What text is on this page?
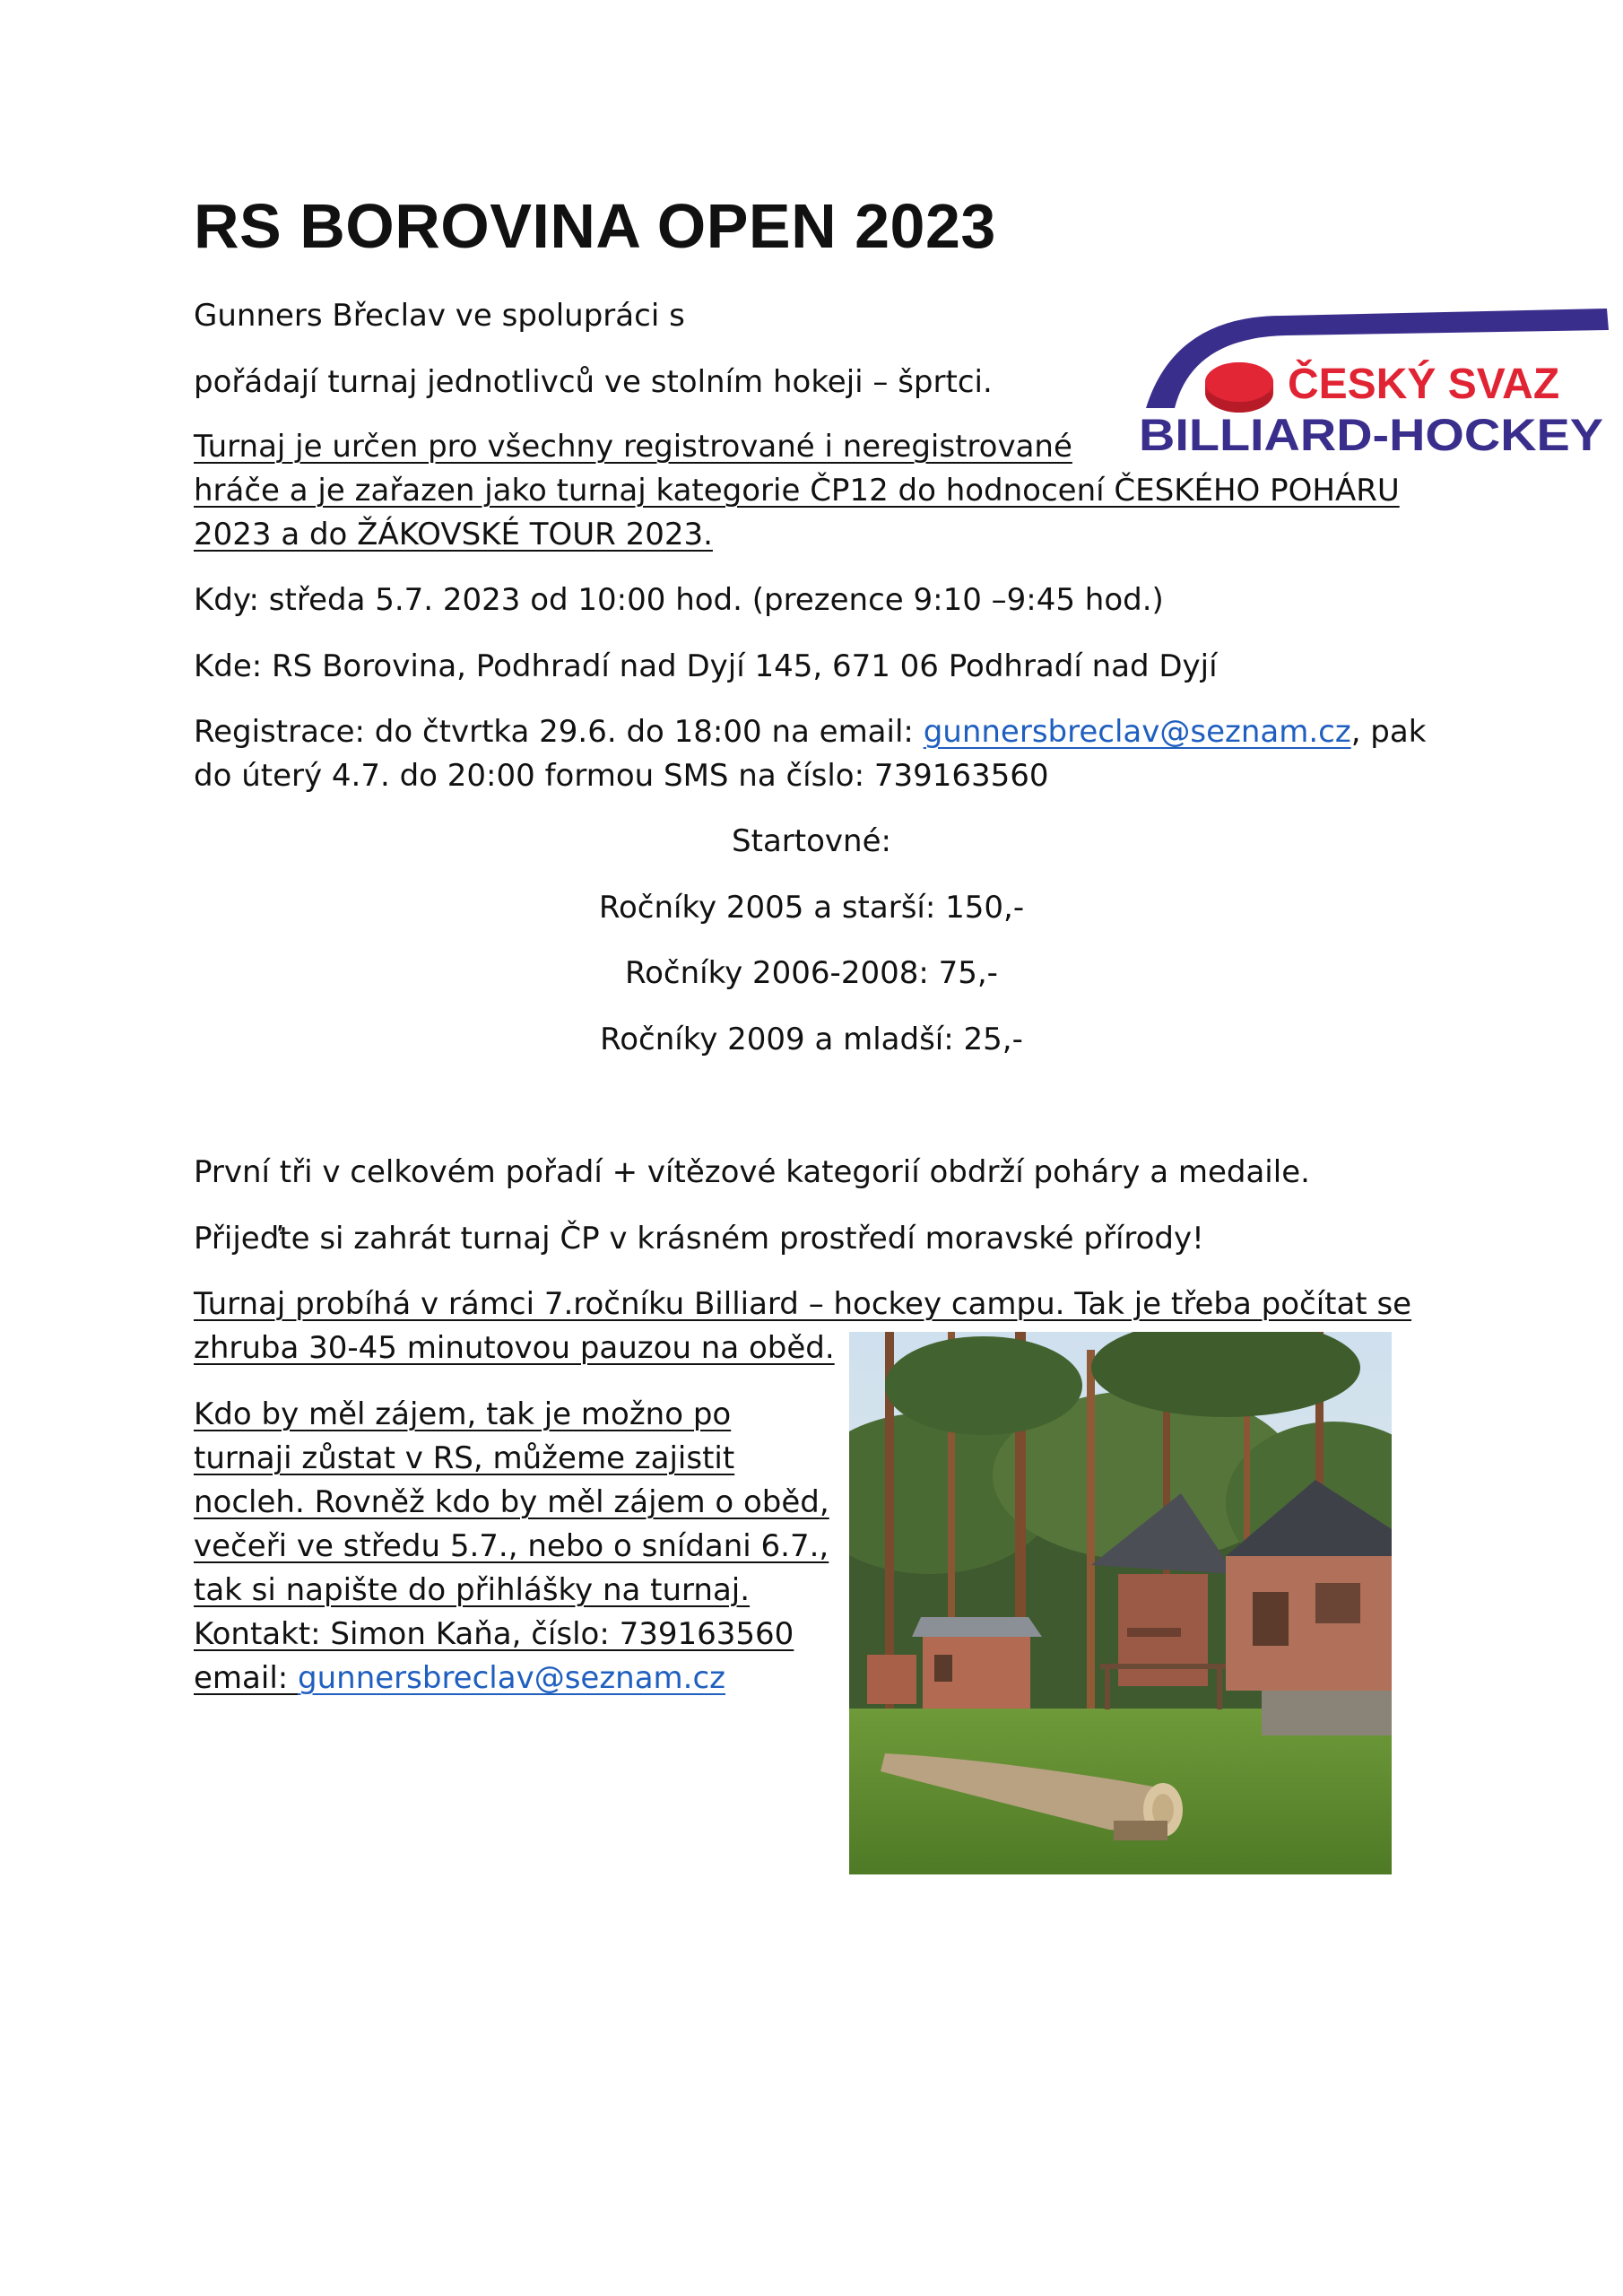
RS BOROVINA OPEN 2023
ČESKÝ SVAZ
BILLIARD-HOCKEY

Gunners Břeclav ve spolupráci s

pořádají turnaj jednotlivců ve stolním hokeji – šprtci.

Turnaj je určen pro všechny registrované i neregistrované

hráče a je zařazen jako turnaj kategorie ČP12 do hodnocení ČESKÉHO POHÁRU

2023 a do ŽÁKOVSKÉ TOUR 2023.

Kdy: středa 5.7. 2023 od 10:00 hod. (prezence 9:10 –9:45 hod.)

Kde: RS Borovina, Podhradí nad Dyjí 145, 671 06 Podhradí nad Dyjí

Registrace: do čtvrtka 29.6. do 18:00 na email: gunnersbreclav@seznam.cz, pak

do úterý 4.7. do 20:00 formou SMS na číslo: 739163560

Startovné:

Ročníky 2005 a starší: 150,-

Ročníky 2006-2008: 75,-

Ročníky 2009 a mladší: 25,-

První tři v celkovém pořadí + vítězové kategorií obdrží poháry a medaile.

Přijeďte si zahrát turnaj ČP v krásném prostředí moravské přírody!

Turnaj probíhá v rámci 7.ročníku Billiard – hockey campu. Tak je třeba počítat se

zhruba 30-45 minutovou pauzou na oběd.

Kdo by měl zájem, tak je možno po

turnaji zůstat v RS, můžeme zajistit

nocleh. Rovněž kdo by měl zájem o oběd,

večeři ve středu 5.7., nebo o snídani 6.7.,

tak si napište do přihlášky na turnaj.

Kontakt: Simon Kaňa, číslo: 739163560

email: gunnersbreclav@seznam.cz
